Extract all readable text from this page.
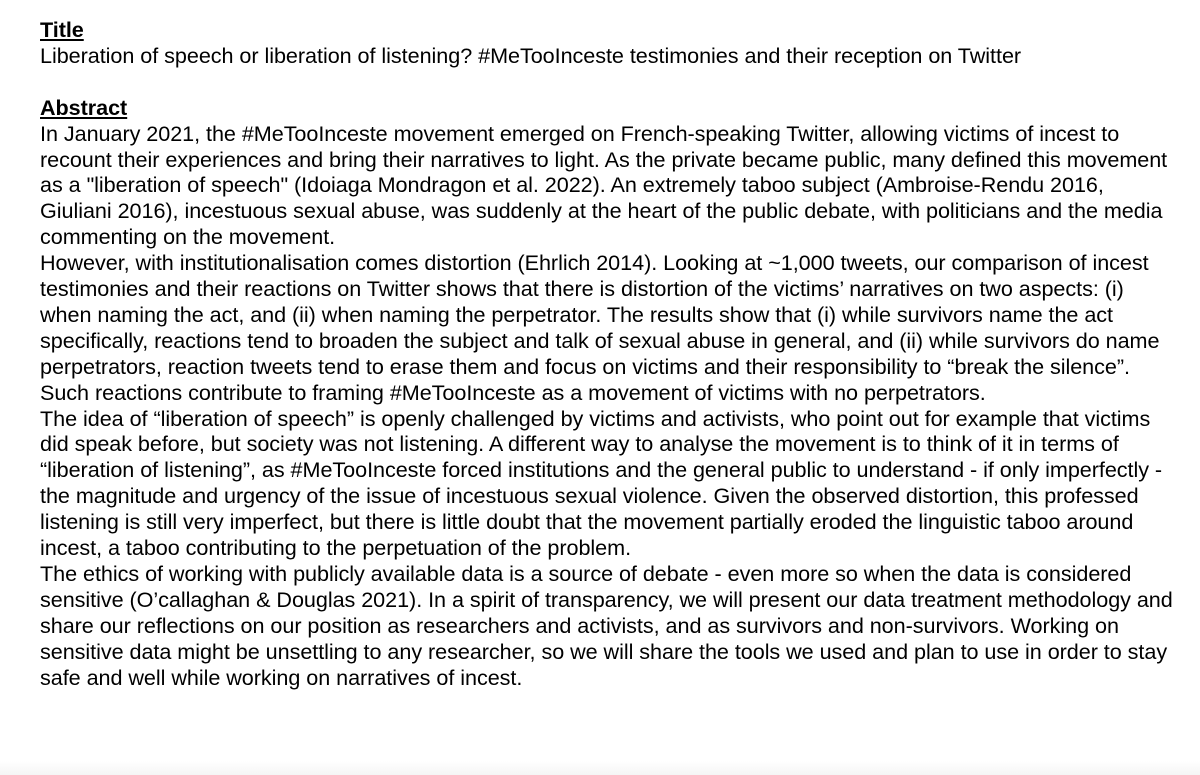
Title

Liberation of speech or liberation of listening? #MeTooInceste testimonies and their reception on Twitter

Abstract

In January 2021, the #MeTooInceste movement emerged on French-speaking Twitter, allowing victims of incest to recount their experiences and bring their narratives to light. As the private became public, many defined this movement as a "liberation of speech" (Idoiaga Mondragon et al. 2022). An extremely taboo subject (Ambroise-Rendu 2016, Giuliani 2016), incestuous sexual abuse, was suddenly at the heart of the public debate, with politicians and the media commenting on the movement.

However, with institutionalisation comes distortion (Ehrlich 2014). Looking at ~1,000 tweets, our comparison of incest testimonies and their reactions on Twitter shows that there is distortion of the victims’ narratives on two aspects: (i) when naming the act, and (ii) when naming the perpetrator. The results show that (i) while survivors name the act specifically, reactions tend to broaden the subject and talk of sexual abuse in general, and (ii) while survivors do name perpetrators, reaction tweets tend to erase them and focus on victims and their responsibility to “break the silence”. Such reactions contribute to framing #MeTooInceste as a movement of victims with no perpetrators.

The idea of “liberation of speech” is openly challenged by victims and activists, who point out for example that victims did speak before, but society was not listening. A different way to analyse the movement is to think of it in terms of “liberation of listening”, as #MeTooInceste forced institutions and the general public to understand - if only imperfectly - the magnitude and urgency of the issue of incestuous sexual violence. Given the observed distortion, this professed listening is still very imperfect, but there is little doubt that the movement partially eroded the linguistic taboo around incest, a taboo contributing to the perpetuation of the problem.

The ethics of working with publicly available data is a source of debate - even more so when the data is considered sensitive (O’callaghan & Douglas 2021). In a spirit of transparency, we will present our data treatment methodology and share our reflections on our position as researchers and activists, and as survivors and non-survivors. Working on sensitive data might be unsettling to any researcher, so we will share the tools we used and plan to use in order to stay safe and well while working on narratives of incest.
